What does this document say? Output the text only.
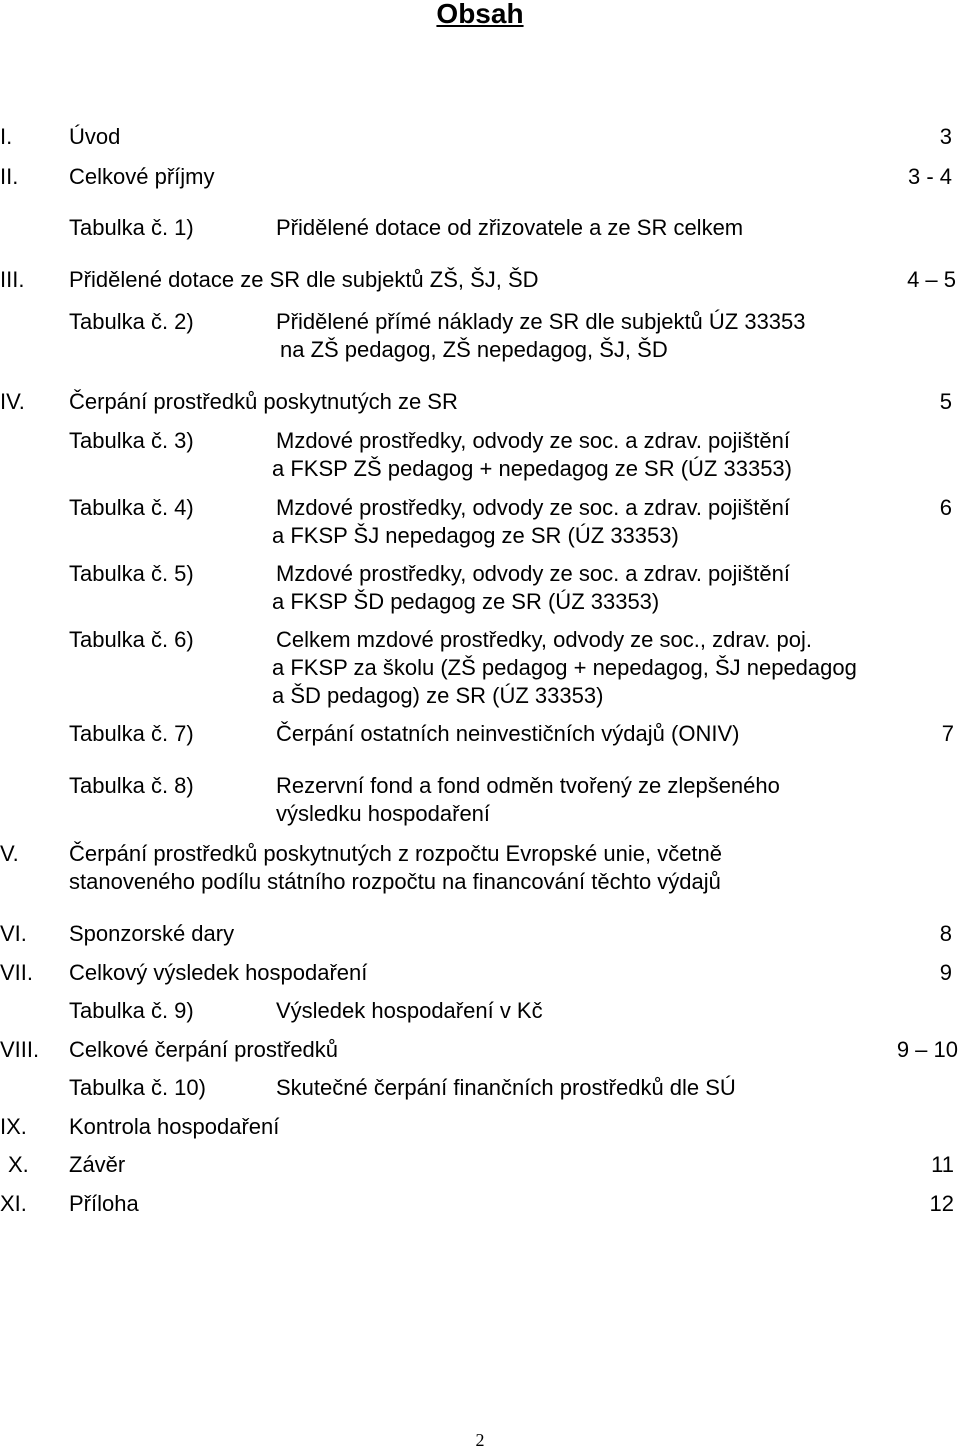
Obsah
I.	Úvod	3
II. Celkové příjmy	3 - 4
Tabulka č. 1)	Přidělené dotace od zřizovatele a ze SR celkem
III. Přidělené dotace ze SR dle subjektů ZŠ, ŠJ, ŠD	4 – 5
Tabulka č. 2)	Přidělené přímé náklady ze SR dle subjektů ÚZ 33353
na ZŠ pedagog, ZŠ nepedagog, ŠJ, ŠD
IV. Čerpání prostředků poskytnutých ze SR	5
Tabulka č. 3)	Mzdové prostředky, odvody ze soc. a zdrav. pojištění
a FKSP ZŠ pedagog + nepedagog ze SR (ÚZ 33353)
Tabulka č. 4)	Mzdové prostředky, odvody ze soc. a zdrav. pojištění	6
a FKSP ŠJ nepedagog ze SR (ÚZ 33353)
Tabulka č. 5)	Mzdové prostředky, odvody ze soc. a zdrav. pojištění
a FKSP ŠD pedagog ze SR (ÚZ 33353)
Tabulka č. 6)	Celkem mzdové prostředky, odvody ze soc., zdrav. poj.
a FKSP za školu (ZŠ pedagog + nepedagog, ŠJ nepedagog
a ŠD pedagog) ze SR (ÚZ 33353)
Tabulka č. 7)	Čerpání ostatních neinvestičních výdajů (ONIV)	7
Tabulka č. 8)	Rezervní fond a fond odměn tvořený ze zlepšeného
výsledku hospodaření
V. Čerpání prostředků poskytnutých z rozpočtu Evropské unie, včetně
stanoveného podílu státního rozpočtu na financování těchto výdajů
VI. Sponzorské dary	8
VII. Celkový výsledek hospodaření	9
Tabulka č. 9)	Výsledek hospodaření v Kč
VIII. Celkové čerpání prostředků	9 – 10
Tabulka č. 10)	Skutečné čerpání finančních prostředků dle SÚ
IX. Kontrola hospodaření
X. Závěr	11
XI. Příloha	12
2
